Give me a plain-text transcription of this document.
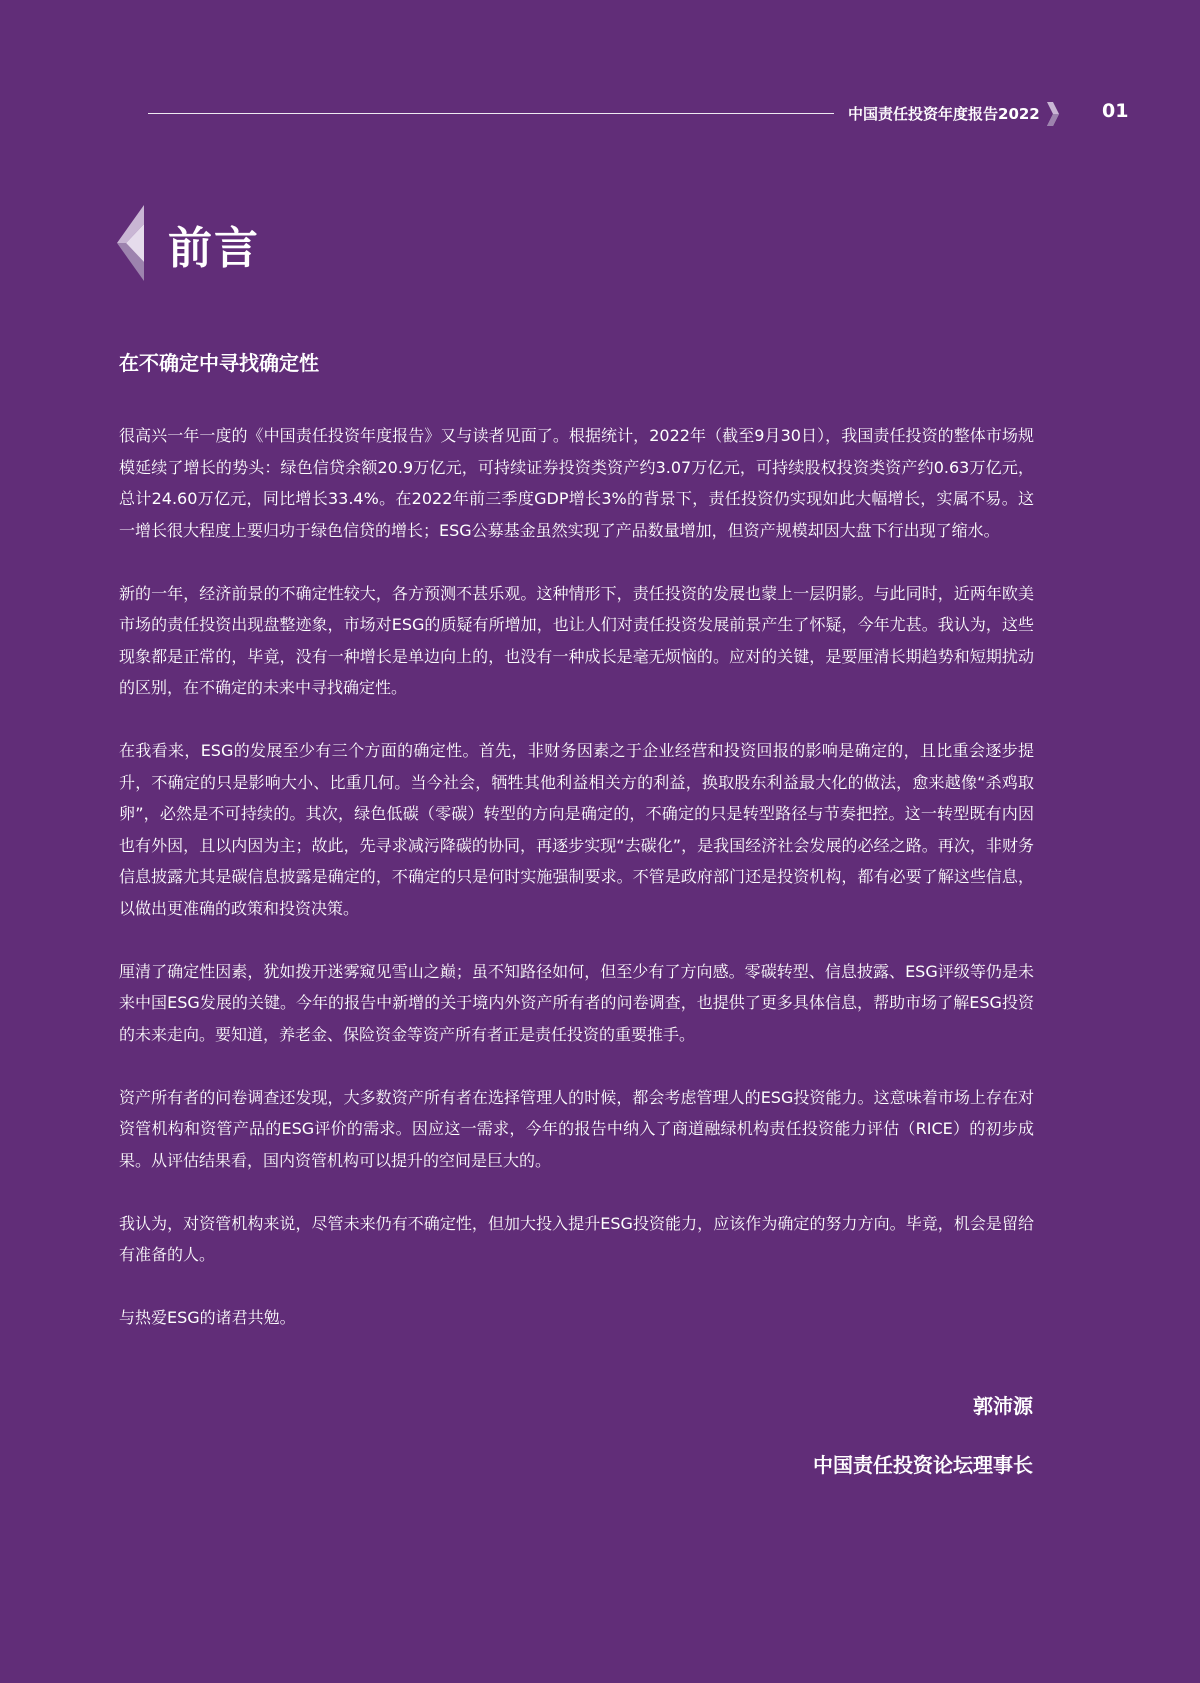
中国责任投资年度报告2022	01
前言
在不确定中寻找确定性

很高兴一年一度的《中国责任投资年度报告》又与读者见面了。根据统计，2022年（截至9月30日），我国责任投资的整体市场规模延续了增长的势头：绿色信贷余额20.9万亿元，可持续证券投资类资产约3.07万亿元，可持续股权投资类资产约0.63万亿元，总计24.60万亿元，同比增长33.4%。在2022年前三季度GDP增长3%的背景下，责任投资仍实现如此大幅增长，实属不易。这一增长很大程度上要归功于绿色信贷的增长；ESG公募基金虽然实现了产品数量增加，但资产规模却因大盘下行出现了缩水。

新的一年，经济前景的不确定性较大，各方预测不甚乐观。这种情形下，责任投资的发展也蒙上一层阴影。与此同时，近两年欧美市场的责任投资出现盘整迹象，市场对ESG的质疑有所增加，也让人们对责任投资发展前景产生了怀疑，今年尤甚。我认为，这些现象都是正常的，毕竟，没有一种增长是单边向上的，也没有一种成长是毫无烦恼的。应对的关键，是要厘清长期趋势和短期扰动的区别，在不确定的未来中寻找确定性。

在我看来，ESG的发展至少有三个方面的确定性。首先，非财务因素之于企业经营和投资回报的影响是确定的，且比重会逐步提升，不确定的只是影响大小、比重几何。当今社会，牺牲其他利益相关方的利益，换取股东利益最大化的做法，愈来越像“杀鸡取卵”，必然是不可持续的。其次，绿色低碳（零碳）转型的方向是确定的，不确定的只是转型路径与节奏把控。这一转型既有内因也有外因，且以内因为主；故此，先寻求减污降碳的协同，再逐步实现“去碳化”，是我国经济社会发展的必经之路。再次，非财务信息披露尤其是碳信息披露是确定的，不确定的只是何时实施强制要求。不管是政府部门还是投资机构，都有必要了解这些信息，以做出更准确的政策和投资决策。

厘清了确定性因素，犹如拨开迷雾窥见雪山之巅；虽不知路径如何，但至少有了方向感。零碳转型、信息披露、ESG评级等仍是未来中国ESG发展的关键。今年的报告中新增的关于境内外资产所有者的问卷调查，也提供了更多具体信息，帮助市场了解ESG投资的未来走向。要知道，养老金、保险资金等资产所有者正是责任投资的重要推手。

资产所有者的问卷调查还发现，大多数资产所有者在选择管理人的时候，都会考虑管理人的ESG投资能力。这意味着市场上存在对资管机构和资管产品的ESG评价的需求。因应这一需求，今年的报告中纳入了商道融绿机构责任投资能力评估（RICE）的初步成果。从评估结果看，国内资管机构可以提升的空间是巨大的。

我认为，对资管机构来说，尽管未来仍有不确定性，但加大投入提升ESG投资能力，应该作为确定的努力方向。毕竟，机会是留给有准备的人。

与热爱ESG的诸君共勉。

郭沛源
中国责任投资论坛理事长
